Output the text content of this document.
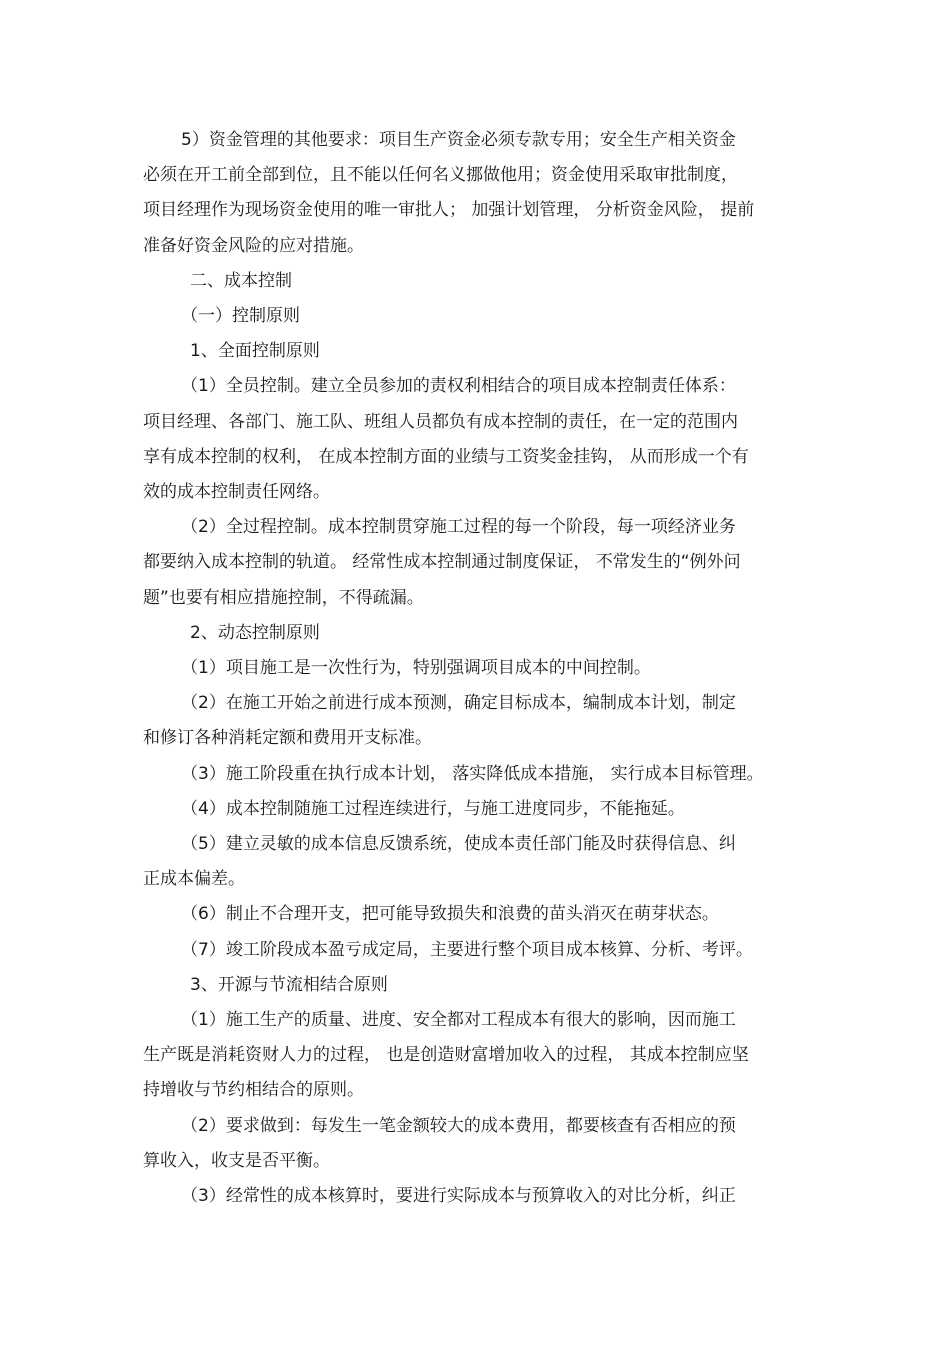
5）资金管理的其他要求：项目生产资金必须专款专用；安全生产相关资金
必须在开工前全部到位，且不能以任何名义挪做他用；资金使用采取审批制度，
项目经理作为现场资金使用的唯一审批人； 加强计划管理， 分析资金风险， 提前
准备好资金风险的应对措施。
二、成本控制
（一）控制原则
1、全面控制原则
（1）全员控制。建立全员参加的责权利相结合的项目成本控制责任体系：
项目经理、各部门、施工队、班组人员都负有成本控制的责任，在一定的范围内
享有成本控制的权利， 在成本控制方面的业绩与工资奖金挂钩， 从而形成一个有
效的成本控制责任网络。
（2）全过程控制。成本控制贯穿施工过程的每一个阶段，每一项经济业务
都要纳入成本控制的轨道。 经常性成本控制通过制度保证， 不常发生的“例外问
题”也要有相应措施控制，不得疏漏。
2、动态控制原则
（1）项目施工是一次性行为，特别强调项目成本的中间控制。
（2）在施工开始之前进行成本预测，确定目标成本，编制成本计划，制定
和修订各种消耗定额和费用开支标准。
（3）施工阶段重在执行成本计划， 落实降低成本措施， 实行成本目标管理。
（4）成本控制随施工过程连续进行，与施工进度同步，不能拖延。
（5）建立灵敏的成本信息反馈系统，使成本责任部门能及时获得信息、纠
正成本偏差。
（6）制止不合理开支，把可能导致损失和浪费的苗头消灭在萌芽状态。
（7）竣工阶段成本盈亏成定局，主要进行整个项目成本核算、分析、考评。
3、开源与节流相结合原则
（1）施工生产的质量、进度、安全都对工程成本有很大的影响，因而施工
生产既是消耗资财人力的过程， 也是创造财富增加收入的过程， 其成本控制应坚
持增收与节约相结合的原则。
（2）要求做到：每发生一笔金额较大的成本费用，都要核查有否相应的预
算收入，收支是否平衡。
（3）经常性的成本核算时，要进行实际成本与预算收入的对比分析，纠正
